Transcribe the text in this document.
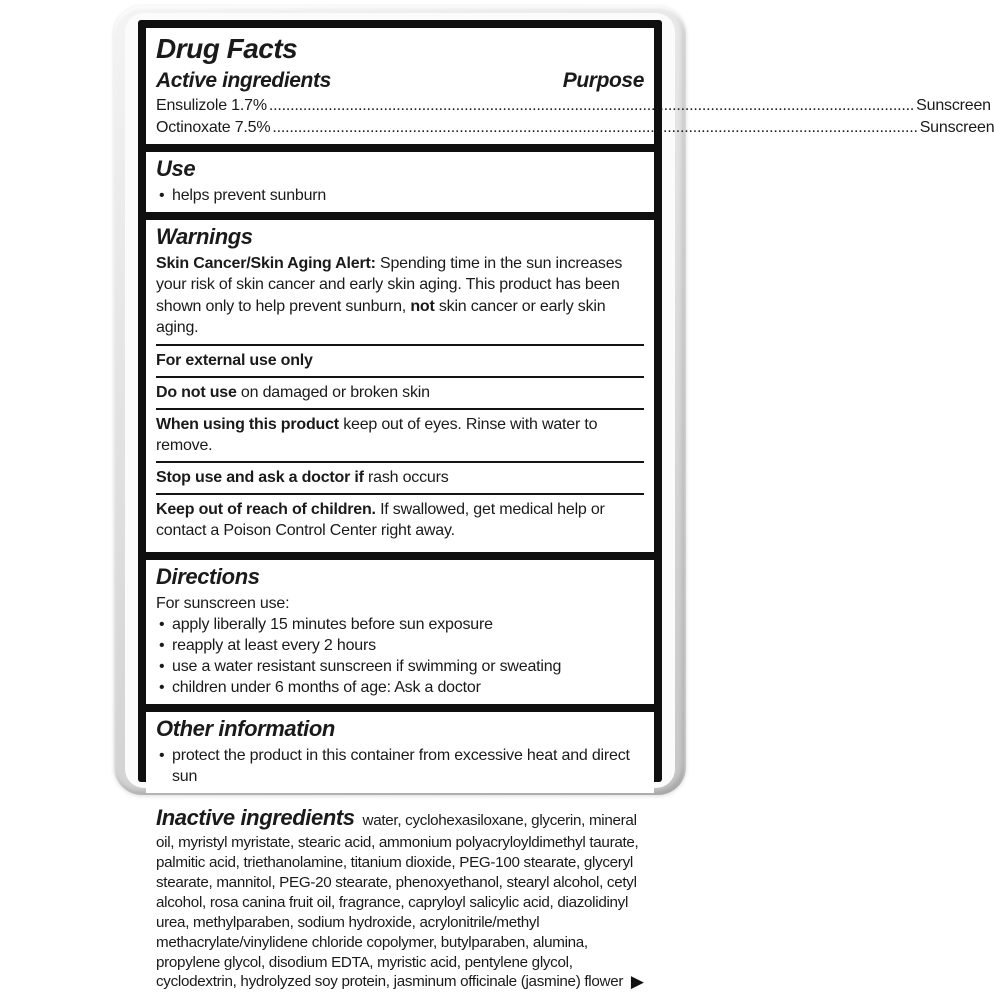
Drug Facts
Active ingredients	Purpose
Ensulizole 1.7% .....	Sunscreen
Octinoxate 7.5% .....	Sunscreen
Use
• helps prevent sunburn
Warnings
Skin Cancer/Skin Aging Alert: Spending time in the sun increases your risk of skin cancer and early skin aging. This product has been shown only to help prevent sunburn, not skin cancer or early skin aging.
For external use only
Do not use on damaged or broken skin
When using this product keep out of eyes. Rinse with water to remove.
Stop use and ask a doctor if rash occurs
Keep out of reach of children. If swallowed, get medical help or contact a Poison Control Center right away.
Directions
For sunscreen use:
• apply liberally 15 minutes before sun exposure
• reapply at least every 2 hours
• use a water resistant sunscreen if swimming or sweating
• children under 6 months of age: Ask a doctor
Other information
• protect the product in this container from excessive heat and direct sun
Inactive ingredients water, cyclohexasiloxane, glycerin, mineral oil, myristyl myristate, stearic acid, ammonium polyacryloyldimethyl taurate, palmitic acid, triethanolamine, titanium dioxide, PEG-100 stearate, glyceryl stearate, mannitol, PEG-20 stearate, phenoxyethanol, stearyl alcohol, cetyl alcohol, rosa canina fruit oil, fragrance, capryloyl salicylic acid, diazolidinyl urea, methylparaben, sodium hydroxide, acrylonitrile/methyl methacrylate/vinylidene chloride copolymer, butylparaben, alumina, propylene glycol, disodium EDTA, myristic acid, pentylene glycol, cyclodextrin, hydrolyzed soy protein, jasminum officinale (jasmine) flower ▶
